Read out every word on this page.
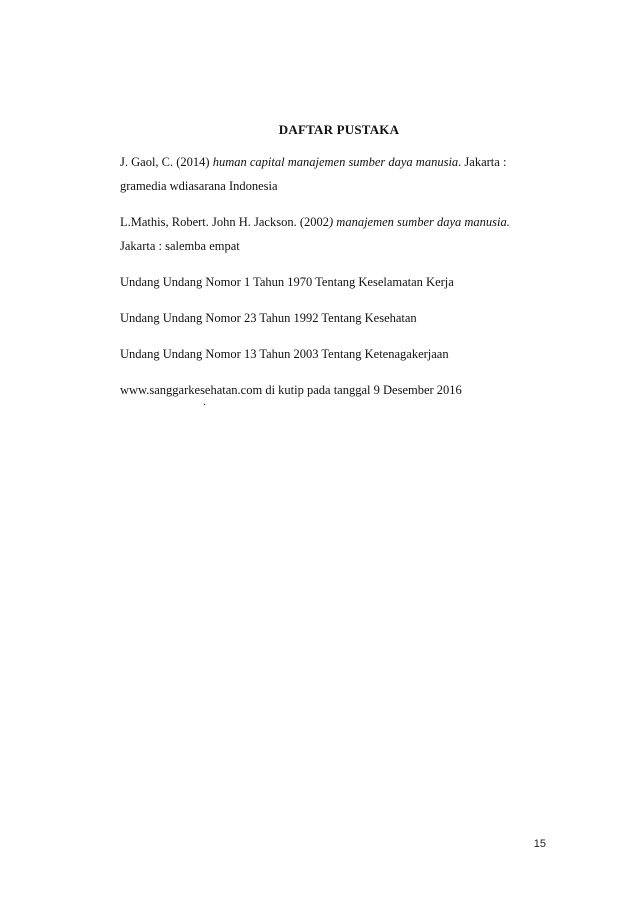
DAFTAR PUSTAKA

J. Gaol, C. (2014) human capital manajemen sumber daya manusia. Jakarta : gramedia wdiasarana Indonesia

L.Mathis, Robert. John H. Jackson. (2002) manajemen sumber daya manusia. Jakarta : salemba empat

Undang Undang Nomor 1 Tahun 1970 Tentang Keselamatan Kerja

Undang Undang Nomor 23 Tahun 1992 Tentang Kesehatan

Undang Undang Nomor 13 Tahun 2003 Tentang Ketenagakerjaan

www.sanggarkesehatan.com di kutip pada tanggal 9 Desember 2016

.
15
